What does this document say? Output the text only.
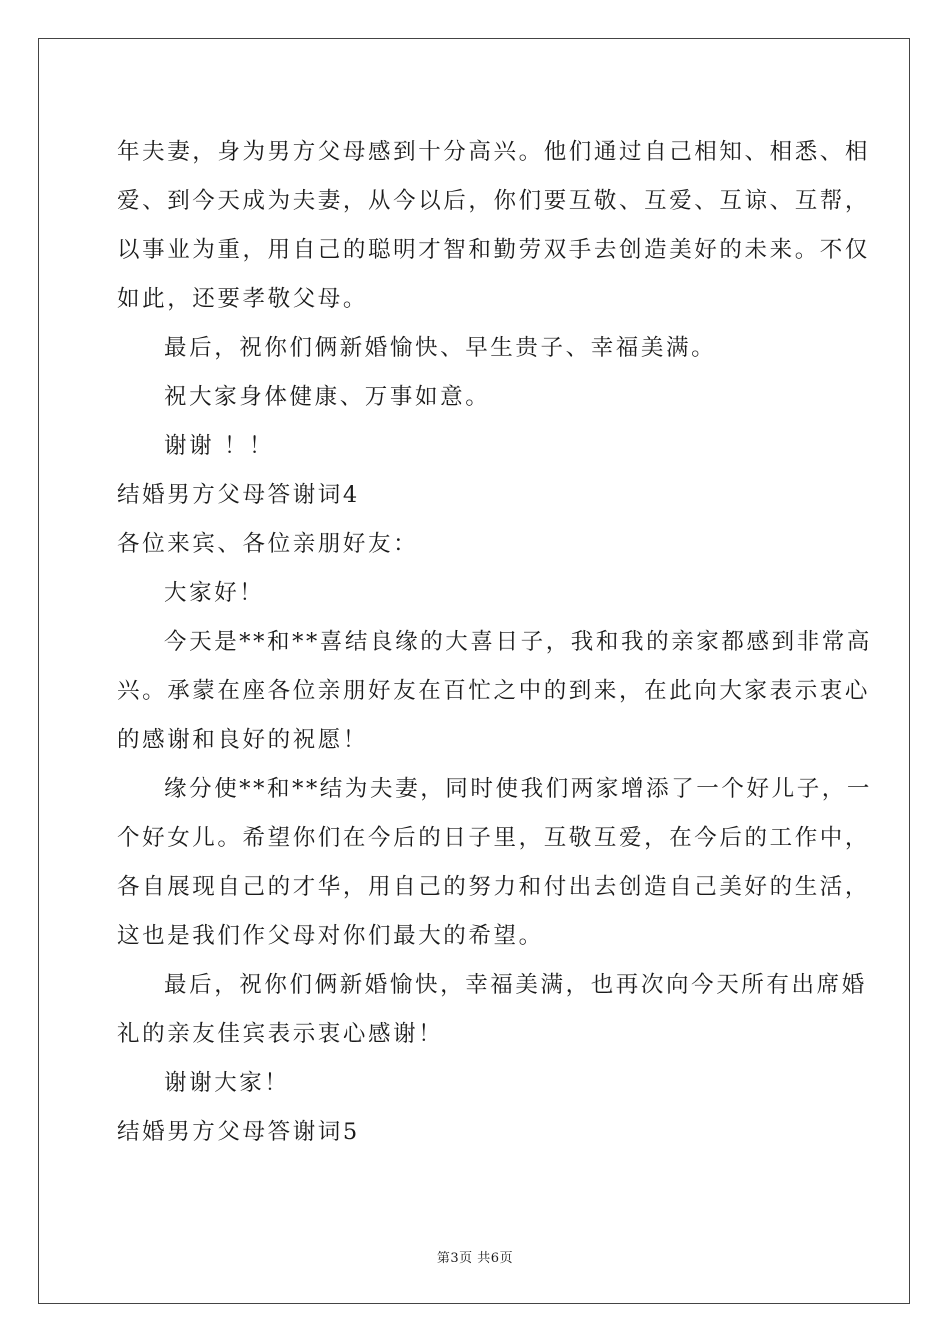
年夫妻，身为男方父母感到十分高兴。他们通过自己相知、相悉、相
爱、到今天成为夫妻，从今以后，你们要互敬、互爱、互谅、互帮，
以事业为重，用自己的聪明才智和勤劳双手去创造美好的未来。不仅
如此，还要孝敬父母。
最后，祝你们俩新婚愉快、早生贵子、幸福美满。
祝大家身体健康、万事如意。
谢谢 ！！
结婚男方父母答谢词4
各位来宾、各位亲朋好友：
大家好！
今天是**和**喜结良缘的大喜日子，我和我的亲家都感到非常高
兴。承蒙在座各位亲朋好友在百忙之中的到来，在此向大家表示衷心
的感谢和良好的祝愿！
缘分使**和**结为夫妻，同时使我们两家增添了一个好儿子，一
个好女儿。希望你们在今后的日子里，互敬互爱，在今后的工作中，
各自展现自己的才华，用自己的努力和付出去创造自己美好的生活，
这也是我们作父母对你们最大的希望。
最后，祝你们俩新婚愉快，幸福美满，也再次向今天所有出席婚
礼的亲友佳宾表示衷心感谢！
谢谢大家！
结婚男方父母答谢词5
第3页 共6页
